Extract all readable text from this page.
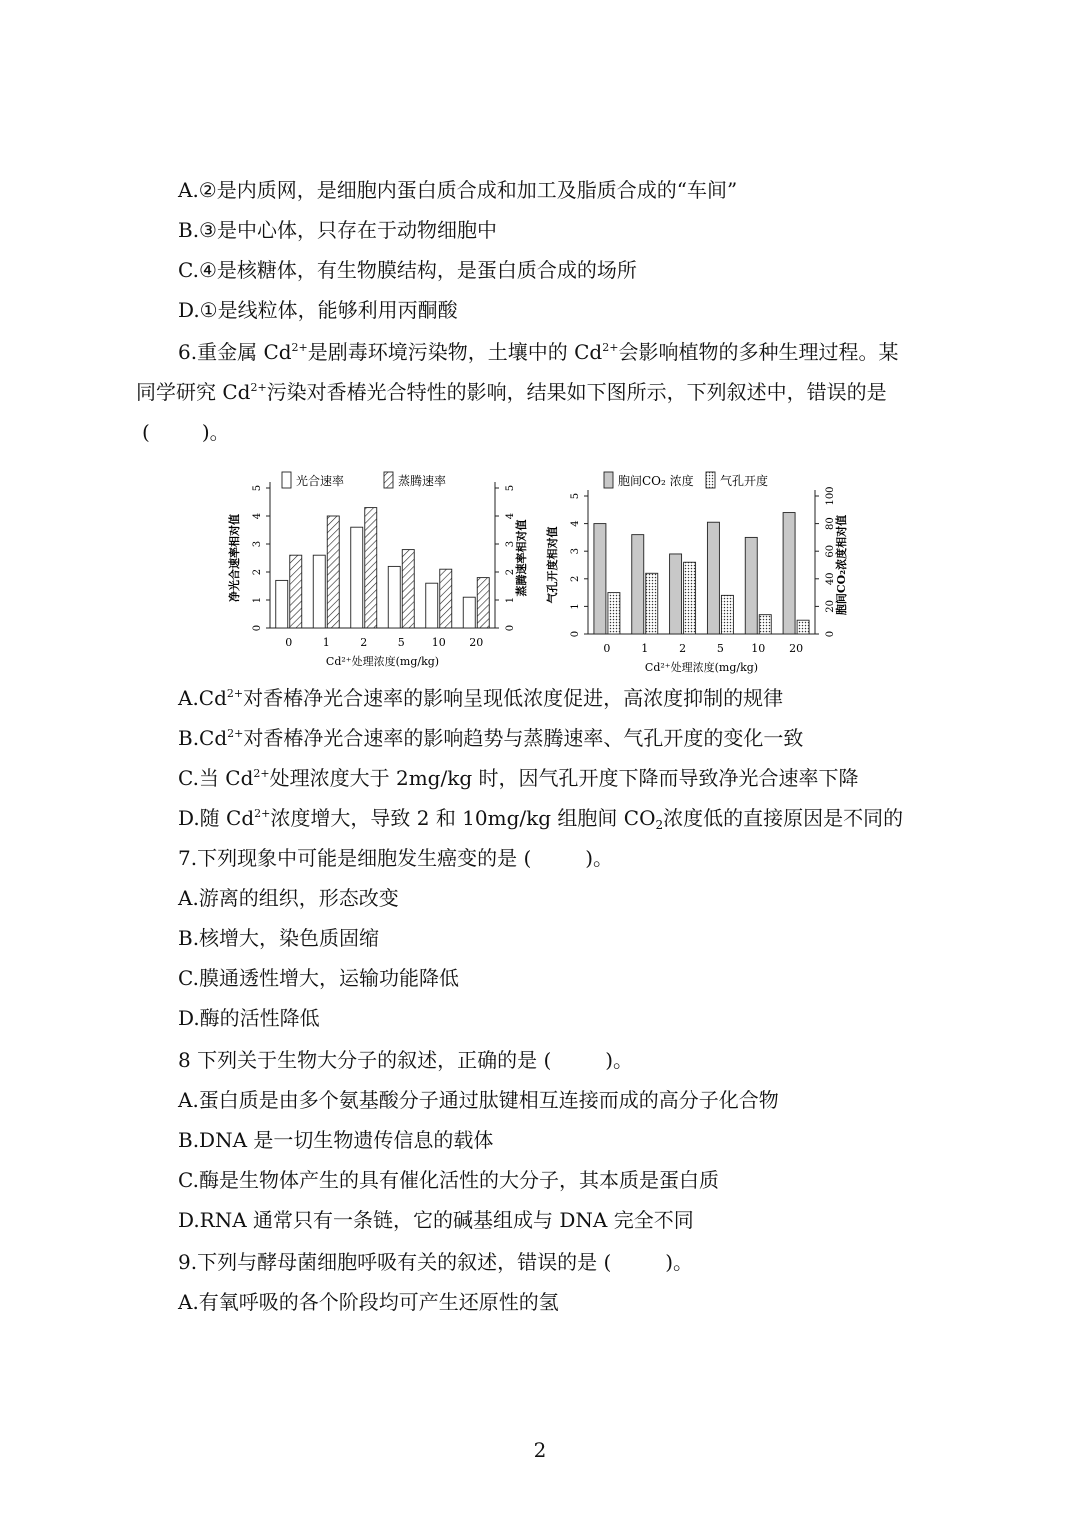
A.②是内质网，是细胞内蛋白质合成和加工及脂质合成的“车间”
B.③是中心体，只存在于动物细胞中
C.④是核糖体，有生物膜结构，是蛋白质合成的场所
D.①是线粒体，能够利用丙酮酸
6.重金属 $Cd^{2+}$是剧毒环境污染物，土壤中的 $Cd^{2+}$会影响植物的多种生理过程。某
同学研究 $Cd^{2+}$污染对香椿光合特性的影响，结果如下图所示，下列叙述中，错误的是
(	)。
0
1
2
3
4
5
0
1
2
3
4
5
净光合速率相对值	蒸腾速率相对值
Cd²⁺处理浓度(mg/kg)
0	1	2	5 10 20
光合速率	蒸腾速率
0
1
2
3
4
5
0
20
40
60
80
100
气孔开度相对值	胞间CO₂浓度相对值
Cd²⁺处理浓度(mg/kg)
0	1	2	5 10 20
胞间CO₂ 浓度 气孔开度
$A.Cd^{2+}$对香椿净光合速率的影响呈现低浓度促进，高浓度抑制的规律
$B.Cd^{2+}$对香椿净光合速率的影响趋势与蒸腾速率、气孔开度的变化一致
C.当 $Cd^{2+}$处理浓度大于 2mg/kg 时，因气孔开度下降而导致净光合速率下降
D.随 $Cd^{2+}$浓度增大，导致 2 和 10mg/kg 组胞间 $CO_2$浓度低的直接原因是不同的
7.下列现象中可能是细胞发生癌变的是 (	)。
A.游离的组织，形态改变
B.核增大，染色质固缩
C.膜通透性增大，运输功能降低
D.酶的活性降低
8 下列关于生物大分子的叙述，正确的是 (	)。
A.蛋白质是由多个氨基酸分子通过肽键相互连接而成的高分子化合物
B.DNA 是一切生物遗传信息的载体
C.酶是生物体产生的具有催化活性的大分子，其本质是蛋白质
D.RNA 通常只有一条链，它的碱基组成与 DNA 完全不同
9.下列与酵母菌细胞呼吸有关的叙述，错误的是 (	)。
A.有氧呼吸的各个阶段均可产生还原性的氢
2
